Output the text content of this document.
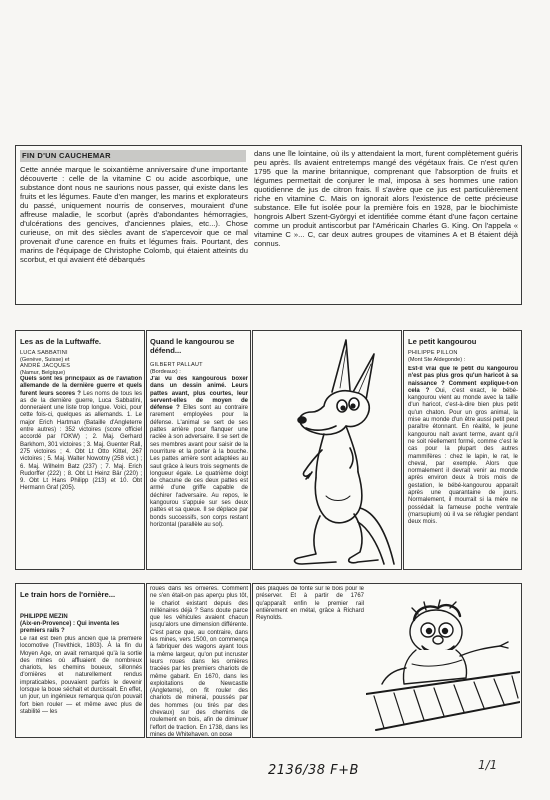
FIN D'UN CAUCHEMAR
Cette année marque le soixantième anniversaire d'une importante découverte : celle de la vitamine C ou acide ascorbique, une substance dont nous ne saurions nous passer, qui existe dans les fruits et les légumes. Faute d'en manger, les marins et explorateurs du passé, uniquement nourris de conserves, mouraient d'une affreuse maladie, le scorbut (après d'abondantes hémorragies, d'ulcérations des gencives, d'anciennes plaies, etc...). Chose curieuse, on mit des siècles avant de s'apercevoir que ce mal provenait d'une carence en fruits et légumes frais. Pourtant, des marins de l'équipage de Christophe Colomb, qui étaient atteints du scorbut, et qui avaient été débarqués
dans une île lointaine, où ils y attendaient la mort, furent complètement guéris peu après. Ils avaient entretemps mangé des végétaux frais. Ce n'est qu'en 1795 que la marine britannique, comprenant que l'absorption de fruits et légumes permettait de conjurer le mal, imposa à ses hommes une ration quotidienne de jus de citron frais. Il s'avère que ce jus est particulièrement riche en vitamine C. Mais on ignorait alors l'existence de cette précieuse substance. Elle fut isolée pour la première fois en 1928, par le biochimiste hongrois Albert Szent-Györgyi et identifiée comme étant d'une façon certaine comme un produit antiscorbut par l'Américain Charles G. King. On l'appela « vitamine C »... C, car deux autres groupes de vitamines A et B étaient déjà connus.
Les as de la Luftwaffe.
LUCA SABBATINI
(Genève, Suisse) et
ANDRÉ JACQUES
(Namur, Belgique)
Quels sont les principaux as de l'aviation allemande de la dernière guerre et quels furent leurs scores ? Les noms de tous les as de la dernière guerre, Luca Sabbatini, donneraient une liste trop longue. Voici, pour cette fois-ci, quelques as allemands. 1. Le major Erich Hartman (Bataille d'Angleterre entre autres) : 352 victoires (score officiel accordé par l'OKW) ; 2. Maj. Gerhard Barkhorn, 301 victoires ; 3. Maj. Guenter Rall, 275 victoires ; 4. Obt Lt Otto Kittel, 267 victoires ; 5. Maj. Walter Nowotny (258 vict.) ; 6. Maj. Wilhelm Batz (237) ; 7. Maj. Erich Rudorffer (222) ; 8. Obt Lt Heinz Bär (220) ; 9. Obt Lt Hans Philipp (213) et 10. Obt Hermann Graf (205).
Quand le kangourou se défend...
GILBERT PALLAUT
(Bordeaux) :
J'ai vu des kangourous boxer dans un dessin animé. Leurs pattes avant, plus courtes, leur servent-elles de moyen de défense ? Elles sont au contraire rarement employées pour la défense. L'animal se sert de ses pattes arrière pour flanquer une raclée à son adversaire. Il se sert de ses membres avant pour saisir de la nourriture et la porter à la bouche. Les pattes arrière sont adaptées au saut grâce à leurs trois segments de longueur égale. Le quatrième doigt de chacune de ces deux pattes est armé d'une griffe capable de déchirer l'adversaire. Au repos, le kangourou s'appuie sur ses deux pattes et sa queue. Il se déplace par bonds successifs, son corps restant horizontal (parallèle au sol).
Le petit kangourou
PHILIPPE PILLON
(Mont Ste Aldegonde) :
Est-il vrai que le petit du kangourou n'est pas plus gros qu'un haricot à sa naissance ? Comment explique-t-on cela ? Oui, c'est exact, le bébé-kangourou vient au monde avec la taille d'un haricot, c'est-à-dire bien plus petit qu'un chaton. Pour un gros animal, la mise au monde d'un être aussi petit peut paraître étonnant. En réalité, le jeune kangourou naît avant terme, avant qu'il ne soit réellement formé, comme c'est le cas pour la plupart des autres mammifères : chez le lapin, le rat, le cheval, par exemple. Alors que normalement il devrait venir au monde après environ deux à trois mois de gestation, le bébé-kangourou apparaît après une quarantaine de jours. Normalement, il mourrait si la mère ne possédait la fameuse poche ventrale (marsupium) où il va se réfugier pendant deux mois.
Le train hors de l'ornière...
PHILIPPE MEZIN
(Aix-en-Provence) : Qui inventa les premiers rails ?
Le rail est bien plus ancien que la première locomotive (Trevithick, 1803). À la fin du Moyen Age, on avait remarqué qu'à la sortie des mines où affluaient de nombreux chariots, les chemins boueux, sillonnés d'ornières et naturellement rendus impraticables, pouvaient parfois le devenir lorsque la boue séchait et durcissait. En effet, un jour, un ingénieux remarqua qu'on pouvait fort bien rouler — et même avec plus de stabilité — les
roues dans les ornières. Comment ne s'en était-on pas aperçu plus tôt, le chariot existant depuis des millénaires déjà ? Sans doute parce que les véhicules avaient chacun jusqu'alors une dimension différente. C'est parce que, au contraire, dans les mines, vers 1500, on commença à fabriquer des wagons ayant tous la même largeur, qu'on put incruster leurs roues dans les ornières tracées par les premiers chariots de même gabarit. En 1670, dans les exploitations de Newcastle (Angleterre), on fit rouler des chariots de minerai, poussés par des hommes (ou tirés par des chevaux) sur des chemins de roulement en bois, afin de diminuer l'effort de traction. En 1738, dans les mines de Whitehaven, on pose
des plaques de fonte sur le bois pour le préserver. Et à partir de 1767 qu'apparaît enfin le premier rail entièrement en métal, grâce à Richard Reynolds.
2136/38 F+B	1/1
